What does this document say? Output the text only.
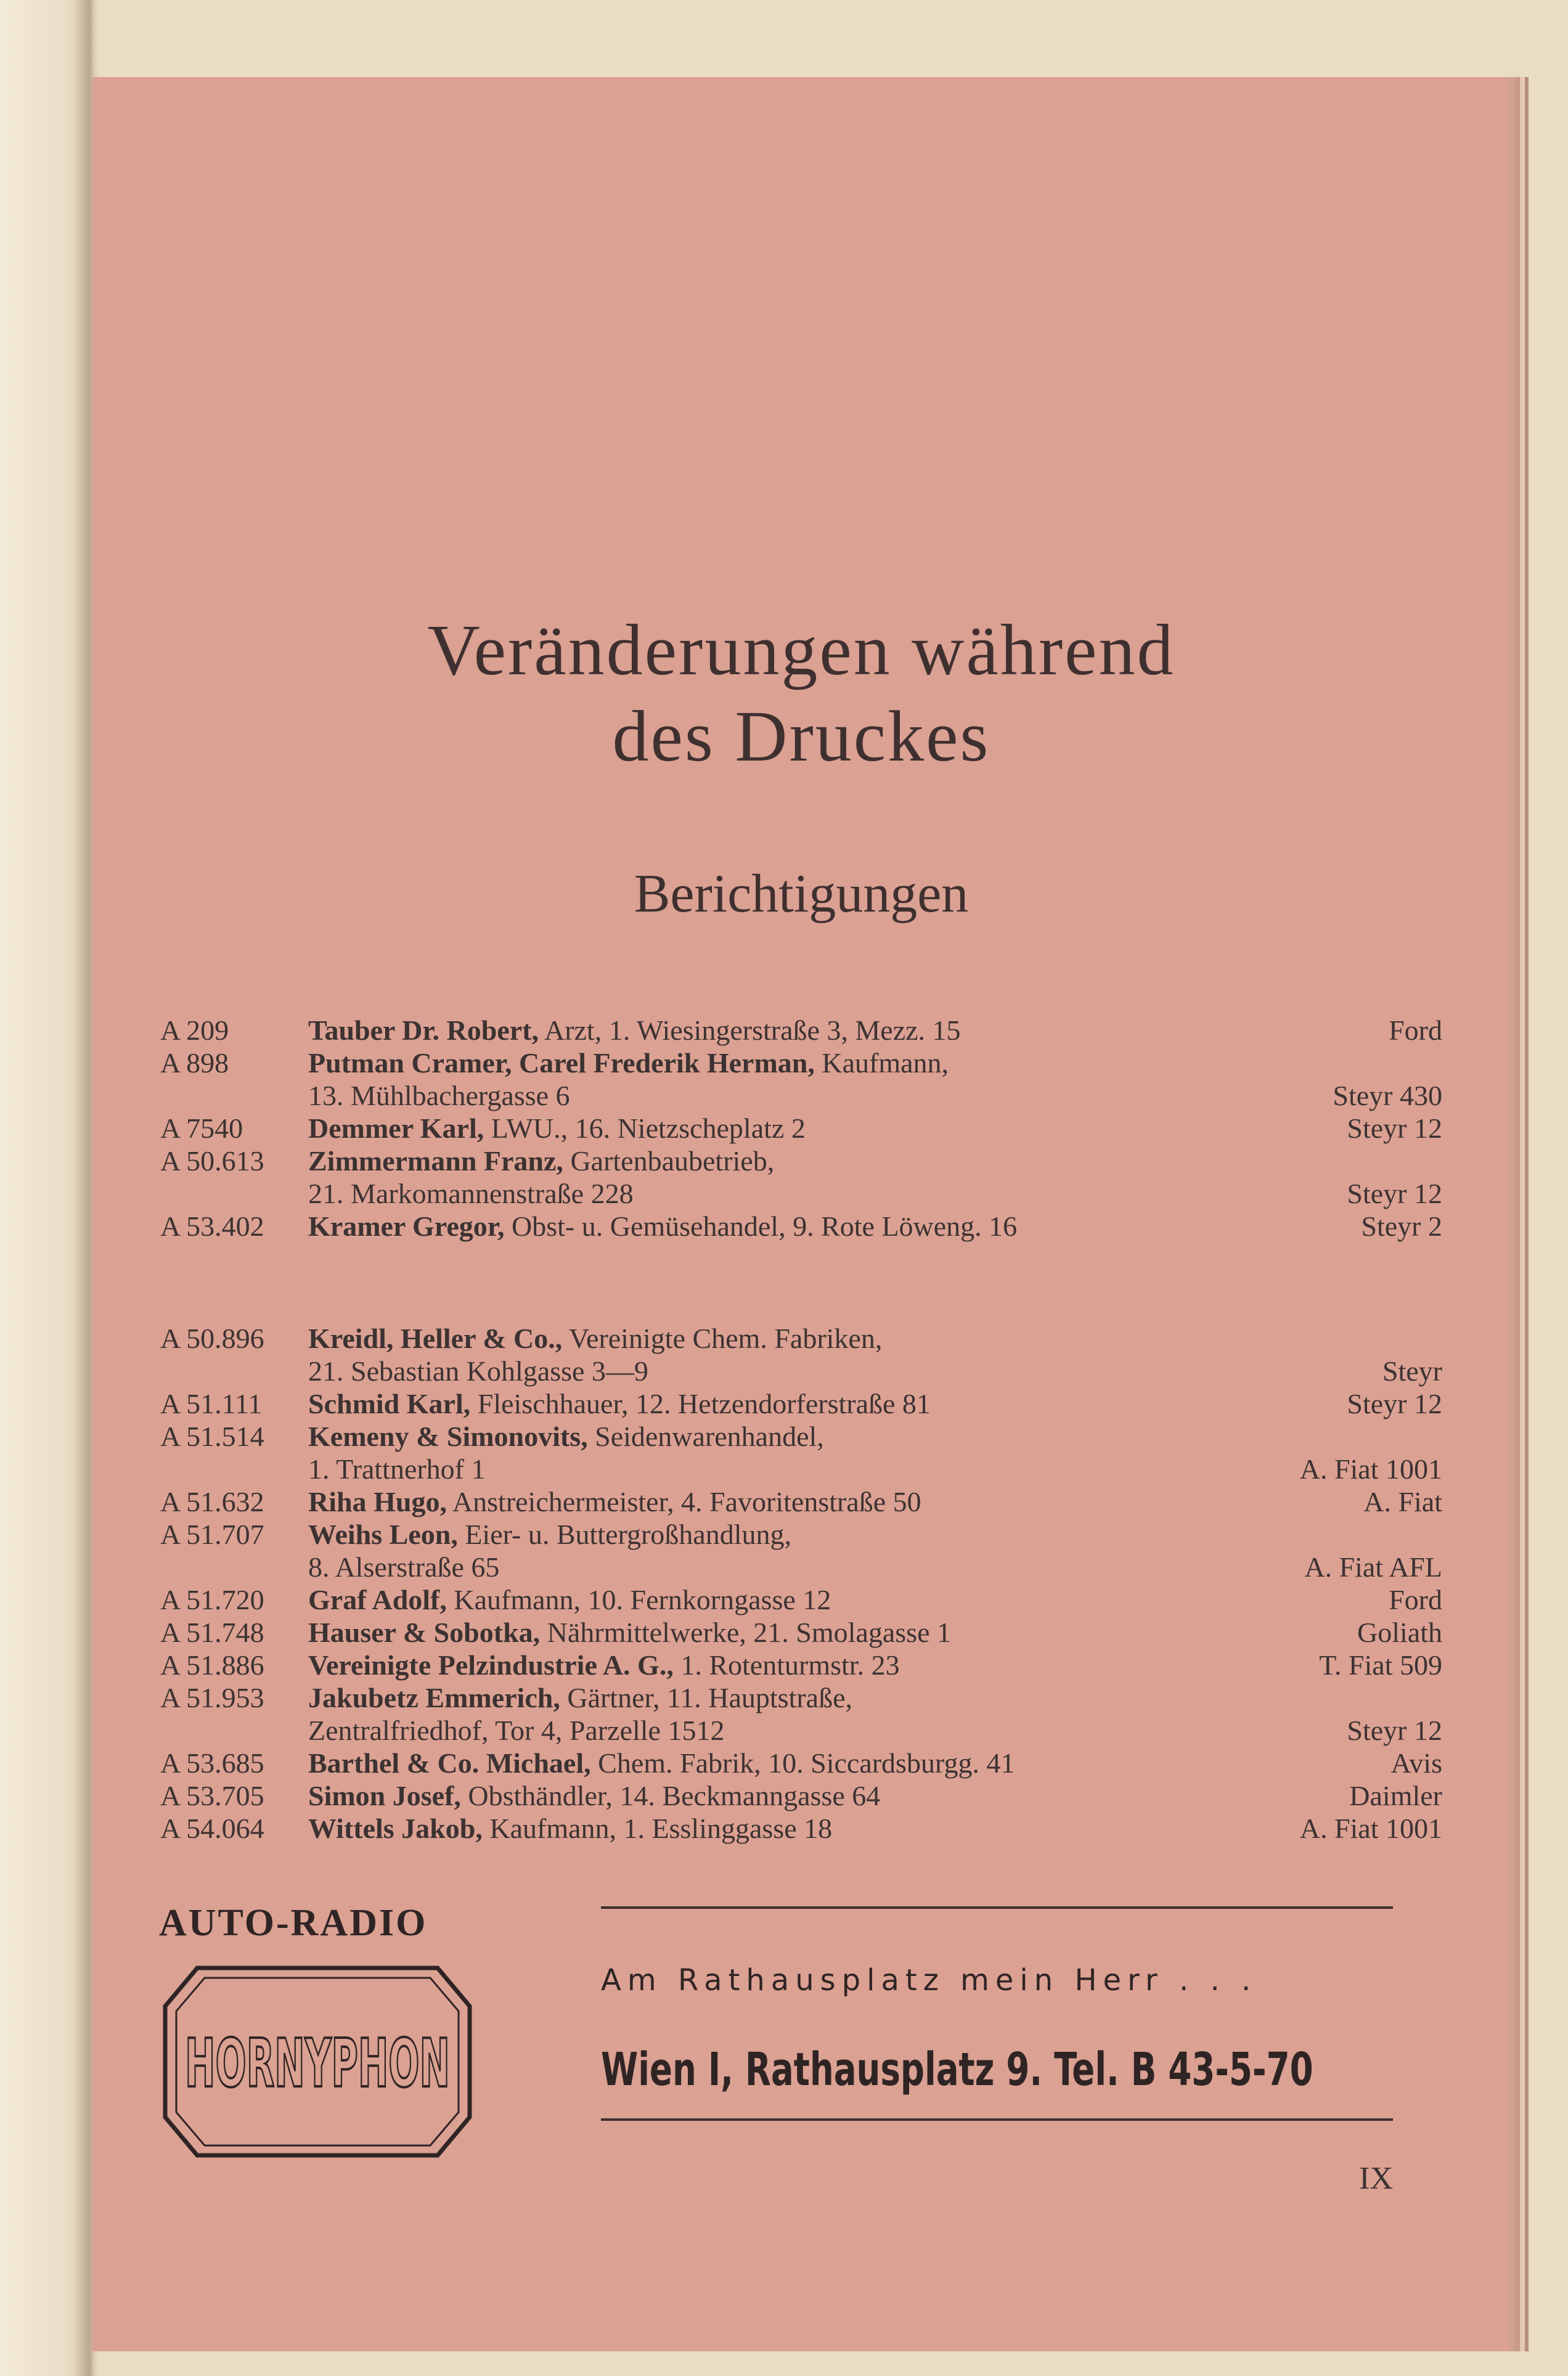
Veränderungen während
des Druckes
Berichtigungen
A 209	Tauber Dr. Robert, Arzt, 1. Wiesingerstraße 3, Mezz. 15	Ford
A 898	Putman Cramer, Carel Frederik Herman, Kaufmann,
13. Mühlbachergasse 6	Steyr 430
A 7540	Demmer Karl, LWU., 16. Nietzscheplatz 2	Steyr 12
A 50.613	Zimmermann Franz, Gartenbaubetrieb,
21. Markomannenstraße 228	Steyr 12
A 53.402	Kramer Gregor, Obst- u. Gemüsehandel, 9. Rote Löweng. 16	Steyr 2
A 50.896	Kreidl, Heller & Co., Vereinigte Chem. Fabriken,
21. Sebastian Kohlgasse 3—9	Steyr
A 51.111	Schmid Karl, Fleischhauer, 12. Hetzendorferstraße 81	Steyr 12
A 51.514	Kemeny & Simonovits, Seidenwarenhandel,
1. Trattnerhof 1	A. Fiat 1001
A 51.632	Riha Hugo, Anstreichermeister, 4. Favoritenstraße 50	A. Fiat
A 51.707	Weihs Leon, Eier- u. Buttergroßhandlung,
8. Alserstraße 65	A. Fiat AFL
A 51.720	Graf Adolf, Kaufmann, 10. Fernkorngasse 12	Ford
A 51.748	Hauser & Sobotka, Nährmittelwerke, 21. Smolagasse 1	Goliath
A 51.886	Vereinigte Pelzindustrie A. G., 1. Rotenturmstr. 23	T. Fiat 509
A 51.953	Jakubetz Emmerich, Gärtner, 11. Hauptstraße,
Zentralfriedhof, Tor 4, Parzelle 1512	Steyr 12
A 53.685	Barthel & Co. Michael, Chem. Fabrik, 10. Siccardsburgg. 41	Avis
A 53.705	Simon Josef, Obsthändler, 14. Beckmanngasse 64	Daimler
A 54.064	Wittels Jakob, Kaufmann, 1. Esslinggasse 18	A. Fiat 1001
AUTO-RADIO
HORNYPHON
Am Rathausplatz mein Herr . . .
Wien I, Rathausplatz 9. Tel. B 43-5-70
IX
